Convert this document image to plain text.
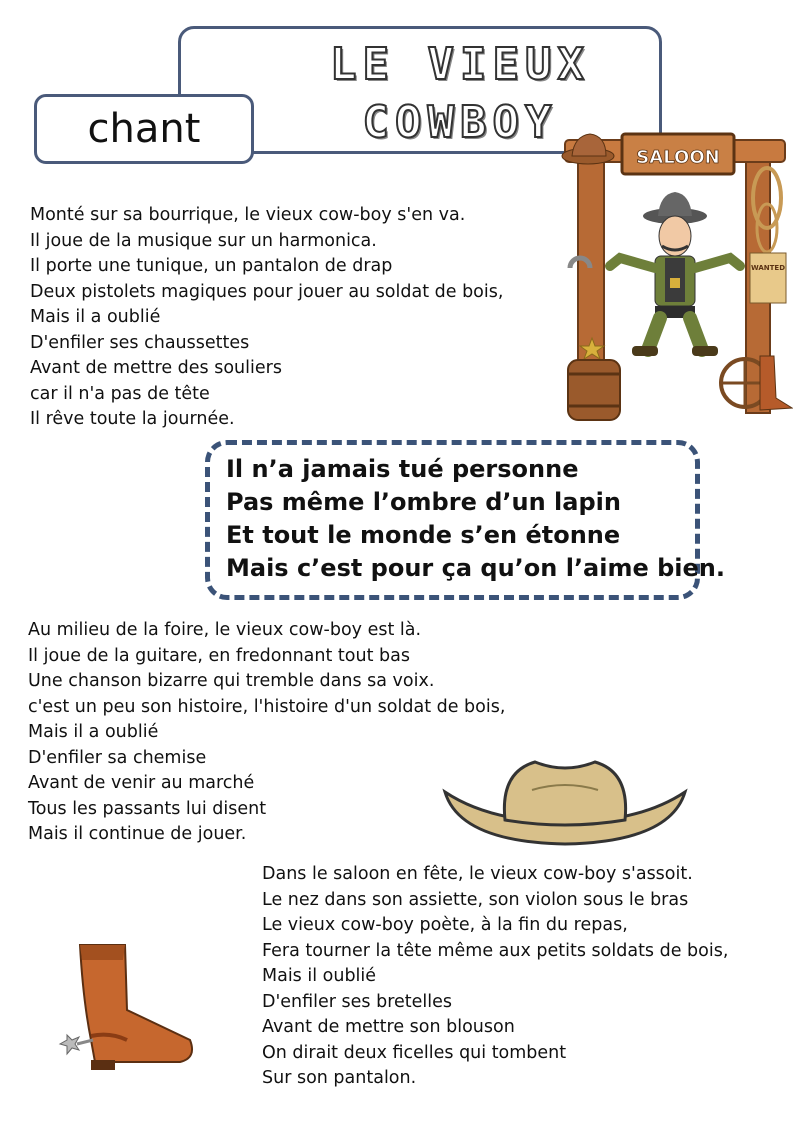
LE VIEUX
COWBOY
chant
SALOON
WANTED
Monté sur sa bourrique, le vieux cow-boy s'en va.
Il joue de la musique sur un harmonica.
Il porte une tunique, un pantalon de drap
Deux pistolets magiques pour jouer au soldat de bois,
Mais il a oublié
D'enfiler ses chaussettes
Avant de mettre des souliers
car il n'a pas de tête
Il rêve toute la journée.
Il n’a jamais tué personne
Pas même l’ombre d’un lapin
Et tout le monde s’en étonne
Mais c’est pour ça qu’on l’aime bien.
Au milieu de la foire, le vieux cow-boy est là.
Il joue de la guitare, en fredonnant tout bas
Une chanson bizarre qui tremble dans sa voix.
c'est un peu son histoire, l'histoire d'un soldat de bois,
Mais il a oublié
D'enfiler sa chemise
Avant de venir au marché
Tous les passants lui disent
Mais il continue de jouer.
Dans le saloon en fête, le vieux cow-boy s'assoit.
Le nez dans son assiette, son violon sous le bras
Le vieux cow-boy poète, à la fin du repas,
Fera tourner la tête même aux petits soldats de bois,
Mais il oublié
D'enfiler ses bretelles
Avant de mettre son blouson
On dirait deux ficelles qui tombent
Sur son pantalon.
